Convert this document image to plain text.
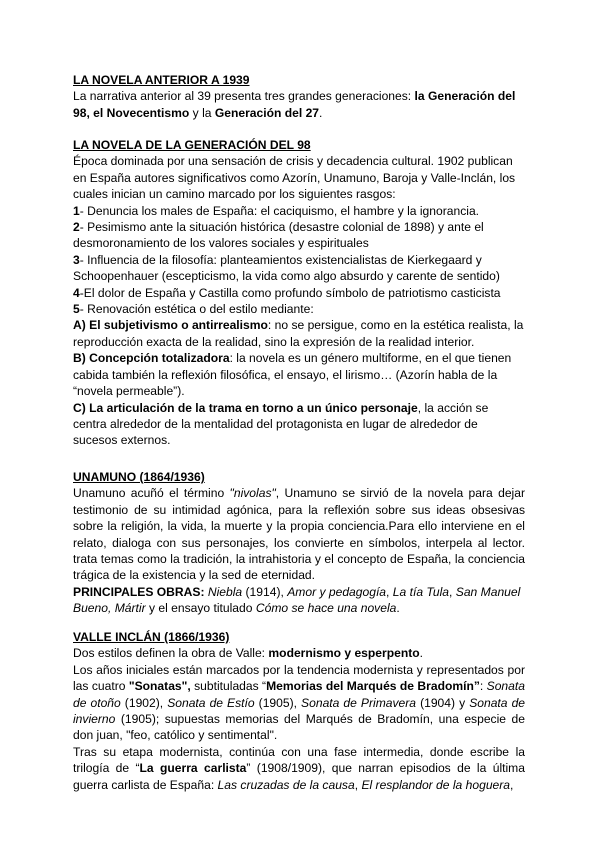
LA NOVELA ANTERIOR A 1939

La narrativa anterior al 39 presenta tres grandes generaciones: la Generación del 98, el Novecentismo y la Generación del 27.

LA NOVELA DE LA GENERACIÓN DEL 98

Época dominada por una sensación de crisis y decadencia cultural. 1902 publican en España autores significativos como Azorín, Unamuno, Baroja y Valle-Inclán, los cuales inician un camino marcado por los siguientes rasgos:

1- Denuncia los males de España: el caciquismo, el hambre y la ignorancia.

2- Pesimismo ante la situación histórica (desastre colonial de 1898) y ante el desmoronamiento de los valores sociales y espirituales

3- Influencia de la filosofía: planteamientos existencialistas de Kierkegaard y Schoopenhauer (escepticismo, la vida como algo absurdo y carente de sentido)

4-El dolor de España y Castilla como profundo símbolo de patriotismo casticista

5- Renovación estética o del estilo mediante:

A) El subjetivismo o antirrealismo: no se persigue, como en la estética realista, la reproducción exacta de la realidad, sino la expresión de la realidad interior.

B) Concepción totalizadora: la novela es un género multiforme, en el que tienen cabida también la reflexión filosófica, el ensayo, el lirismo… (Azorín habla de la “novela permeable”).

C) La articulación de la trama en torno a un único personaje, la acción se centra alrededor de la mentalidad del protagonista en lugar de alrededor de sucesos externos.

UNAMUNO (1864/1936)

Unamuno acuñó el término "nivolas", Unamuno se sirvió de la novela para dejar testimonio de su intimidad agónica, para la reflexión sobre sus ideas obsesivas sobre la religión, la vida, la muerte y la propia conciencia.Para ello interviene en el relato, dialoga con sus personajes, los convierte en símbolos, interpela al lector. trata temas como la tradición, la intrahistoria y el concepto de España, la conciencia trágica de la existencia y la sed de eternidad.

PRINCIPALES OBRAS: Niebla (1914), Amor y pedagogía, La tía Tula, San Manuel Bueno, Mártir y el ensayo titulado Cómo se hace una novela.

VALLE INCLÁN (1866/1936)

Dos estilos definen la obra de Valle: modernismo y esperpento.

Los años iniciales están marcados por la tendencia modernista y representados por las cuatro "Sonatas", subtituladas “Memorias del Marqués de Bradomín”: Sonata de otoño (1902), Sonata de Estío (1905), Sonata de Primavera (1904) y Sonata de invierno (1905); supuestas memorias del Marqués de Bradomín, una especie de don juan, "feo, católico y sentimental".

Tras su etapa modernista, continúa con una fase intermedia, donde escribe la trilogía de “La guerra carlista” (1908/1909), que narran episodios de la última guerra carlista de España: Las cruzadas de la causa, El resplandor de la hoguera,
